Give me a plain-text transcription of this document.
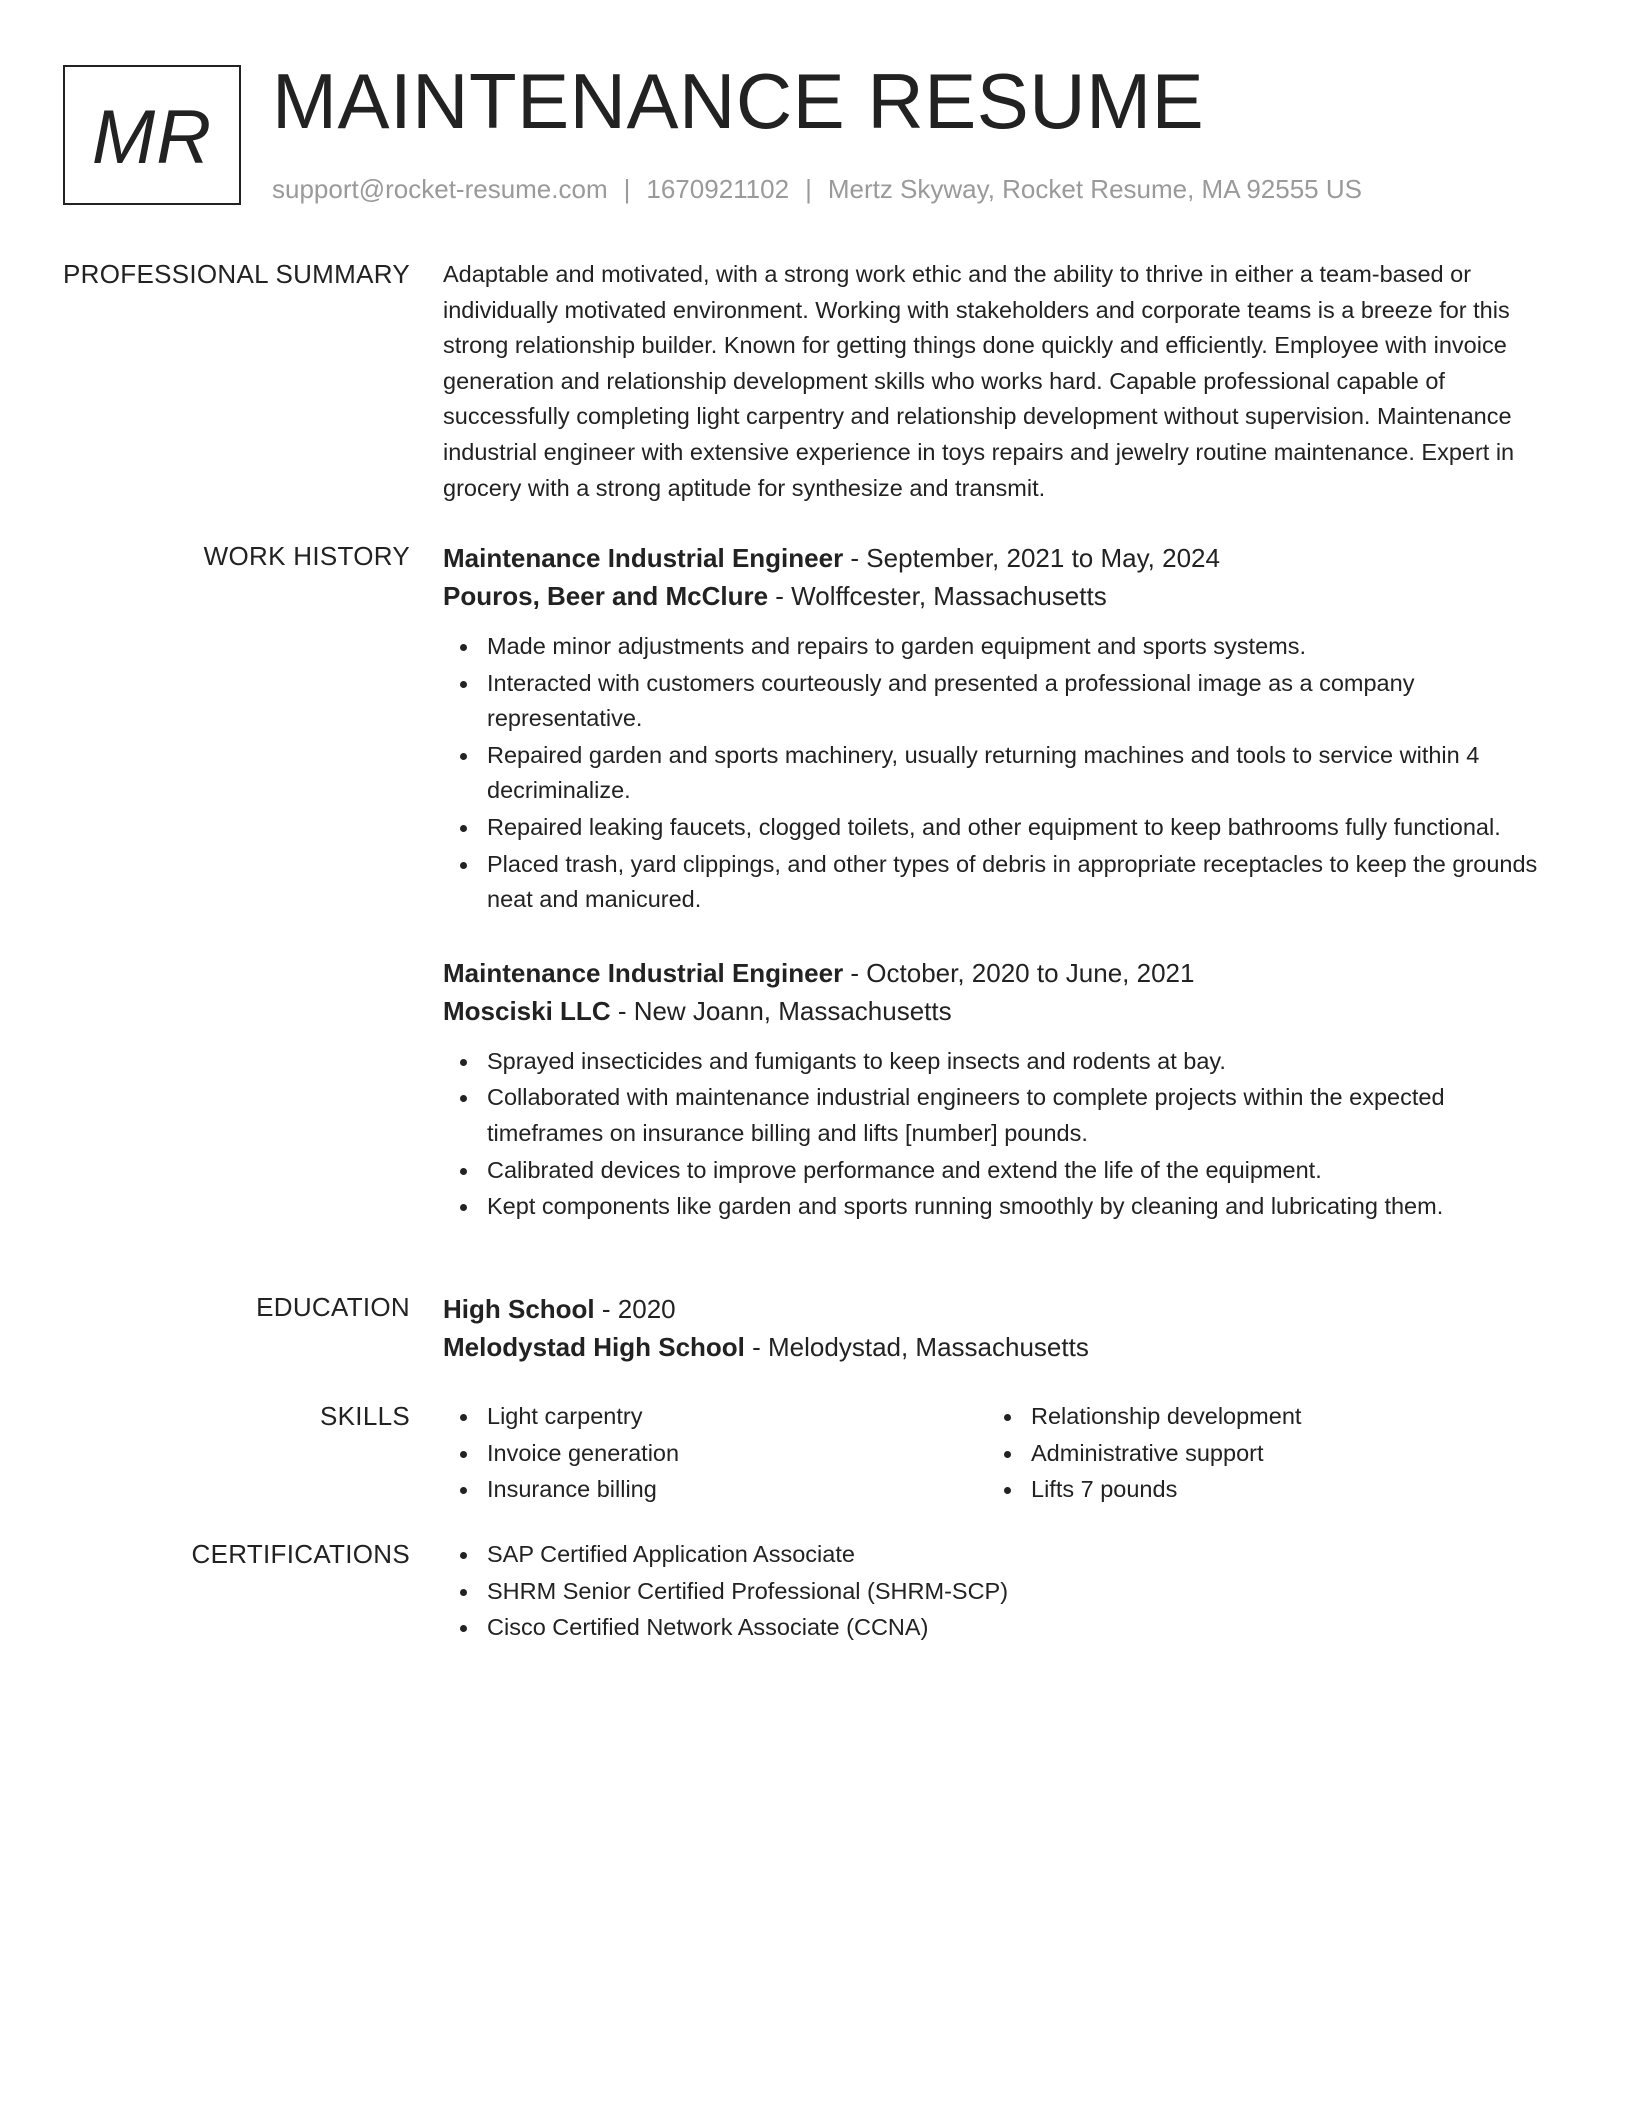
MR MAINTENANCE RESUME
support@rocket-resume.com | 1670921102 | Mertz Skyway, Rocket Resume, MA 92555 US
PROFESSIONAL SUMMARY Adaptable and motivated, with a strong work ethic and the ability to thrive in either a team-based or individually motivated environment. Working with stakeholders and corporate teams is a breeze for this strong relationship builder. Known for getting things done quickly and efficiently. Employee with invoice generation and relationship development skills who works hard. Capable professional capable of successfully completing light carpentry and relationship development without supervision. Maintenance industrial engineer with extensive experience in toys repairs and jewelry routine maintenance. Expert in grocery with a strong aptitude for synthesize and transmit.

WORK HISTORY Maintenance Industrial Engineer - September, 2021 to May, 2024

Pouros, Beer and McClure - Wolffcester, Massachusetts

Made minor adjustments and repairs to garden equipment and sports systems.
Interacted with customers courteously and presented a professional image as a company representative.
Repaired garden and sports machinery, usually returning machines and tools to service within 4 decriminalize.
Repaired leaking faucets, clogged toilets, and other equipment to keep bathrooms fully functional.
Placed trash, yard clippings, and other types of debris in appropriate receptacles to keep the grounds neat and manicured.

Maintenance Industrial Engineer - October, 2020 to June, 2021

Mosciski LLC - New Joann, Massachusetts

Sprayed insecticides and fumigants to keep insects and rodents at bay.
Collaborated with maintenance industrial engineers to complete projects within the expected timeframes on insurance billing and lifts [number] pounds.
Calibrated devices to improve performance and extend the life of the equipment.
Kept components like garden and sports running smoothly by cleaning and lubricating them.
EDUCATION High School - 2020

Melodystad High School - Melodystad, Massachusetts

SKILLS	Light carpentry
Invoice generation
Insurance billing
Relationship development
Administrative support
Lifts 7 pounds
CERTIFICATIONS	SAP Certified Application Associate
SHRM Senior Certified Professional (SHRM-SCP)
Cisco Certified Network Associate (CCNA)
